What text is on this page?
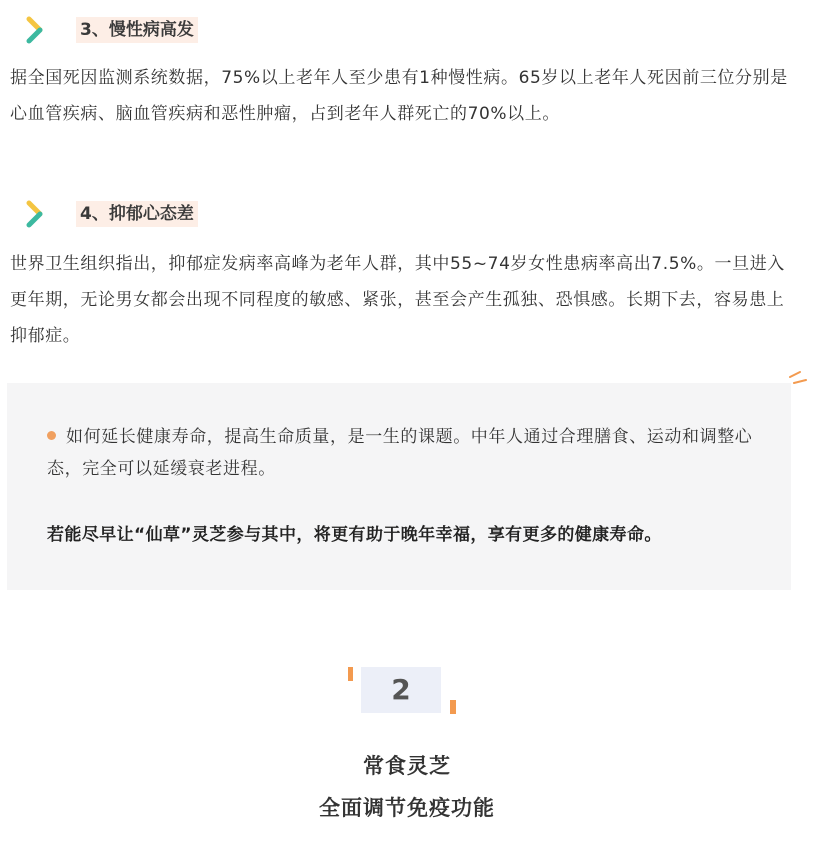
3、慢性病高发
据全国死因监测系统数据，75%以上老年人至少患有1种慢性病。65岁以上老年人死因前三位分别是心血管疾病、脑血管疾病和恶性肿瘤，占到老年人群死亡的70%以上。
4、抑郁心态差
世界卫生组织指出，抑郁症发病率高峰为老年人群，其中55~74岁女性患病率高出7.5%。一旦进入更年期，无论男女都会出现不同程度的敏感、紧张，甚至会产生孤独、恐惧感。长期下去，容易患上抑郁症。
如何延长健康寿命，提高生命质量，是一生的课题。中年人通过合理膳食、运动和调整心态，完全可以延缓衰老进程。
若能尽早让“仙草”灵芝参与其中，将更有助于晚年幸福，享有更多的健康寿命。
2
常食灵芝
全面调节免疫功能
